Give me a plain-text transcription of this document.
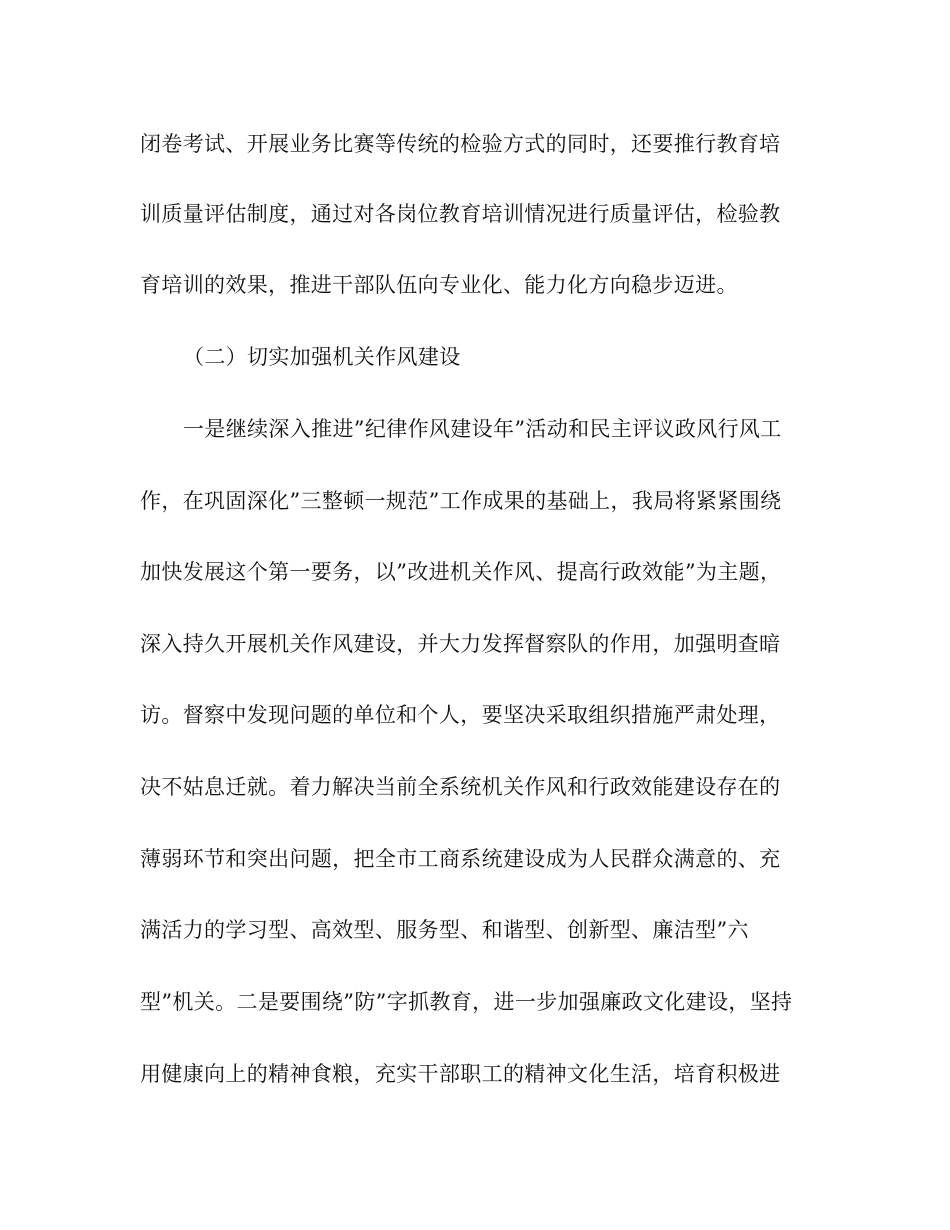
闭卷考试、开展业务比赛等传统的检验方式的同时，还要推行教育培
训质量评估制度，通过对各岗位教育培训情况进行质量评估，检验教
育培训的效果，推进干部队伍向专业化、能力化方向稳步迈进。
（二）切实加强机关作风建设
一是继续深入推进”纪律作风建设年”活动和民主评议政风行风工
作，在巩固深化”三整顿一规范”工作成果的基础上，我局将紧紧围绕
加快发展这个第一要务，以”改进机关作风、提高行政效能”为主题，
深入持久开展机关作风建设，并大力发挥督察队的作用，加强明查暗
访。督察中发现问题的单位和个人，要坚决采取组织措施严肃处理，
决不姑息迁就。着力解决当前全系统机关作风和行政效能建设存在的
薄弱环节和突出问题，把全市工商系统建设成为人民群众满意的、充
满活力的学习型、高效型、服务型、和谐型、创新型、廉洁型”六
型”机关。二是要围绕”防”字抓教育，进一步加强廉政文化建设，坚持
用健康向上的精神食粮，充实干部职工的精神文化生活，培育积极进
